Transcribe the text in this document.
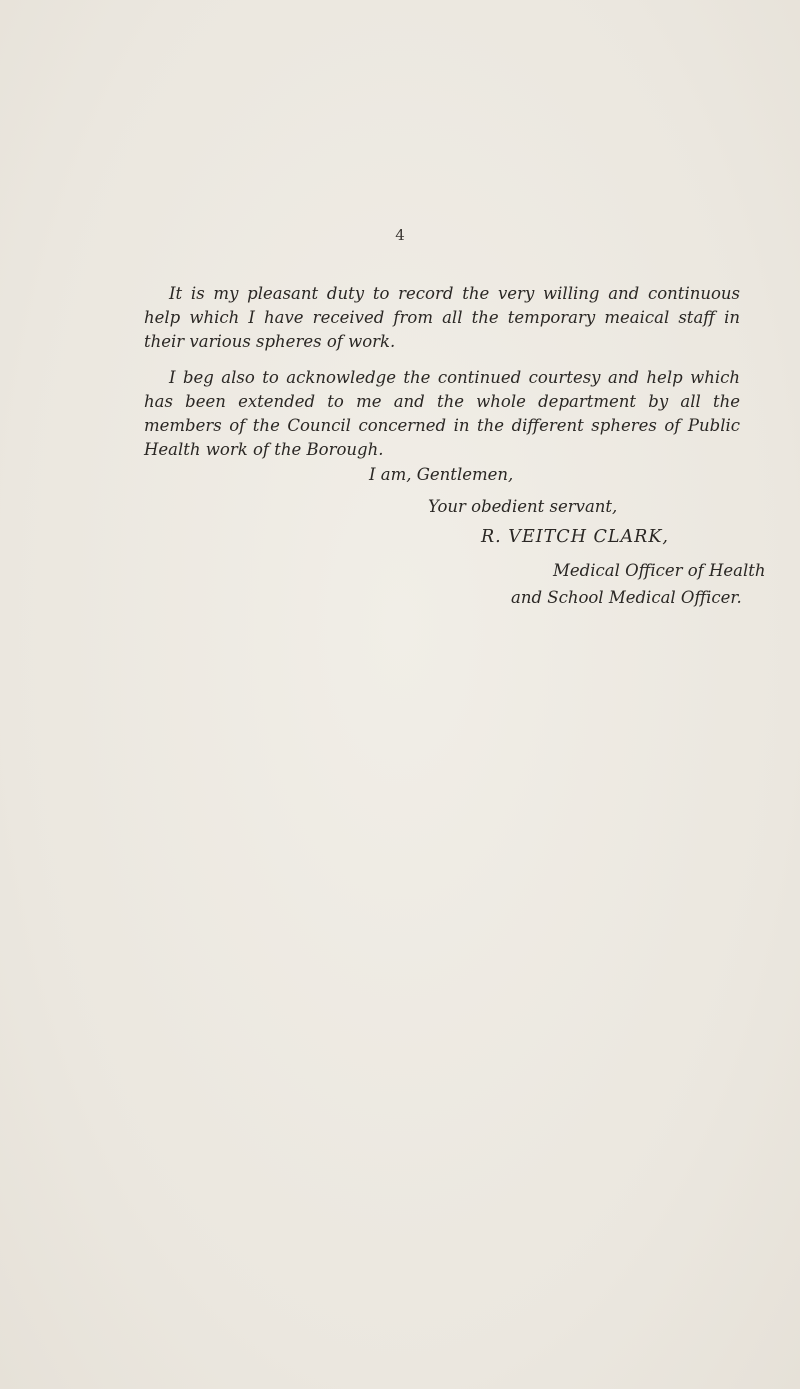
4

It is my pleasant duty to record the very willing and continuous help which I have received from all the temporary meaical staff in their various spheres of work.

I beg also to acknowledge the continued courtesy and help which has been extended to me and the whole department by all the members of the Council concerned in the different spheres of Public Health work of the Borough.

I am, Gentlemen,
Your obedient servant,
R. VEITCH CLARK,
Medical Officer of Health
and School Medical Officer.
